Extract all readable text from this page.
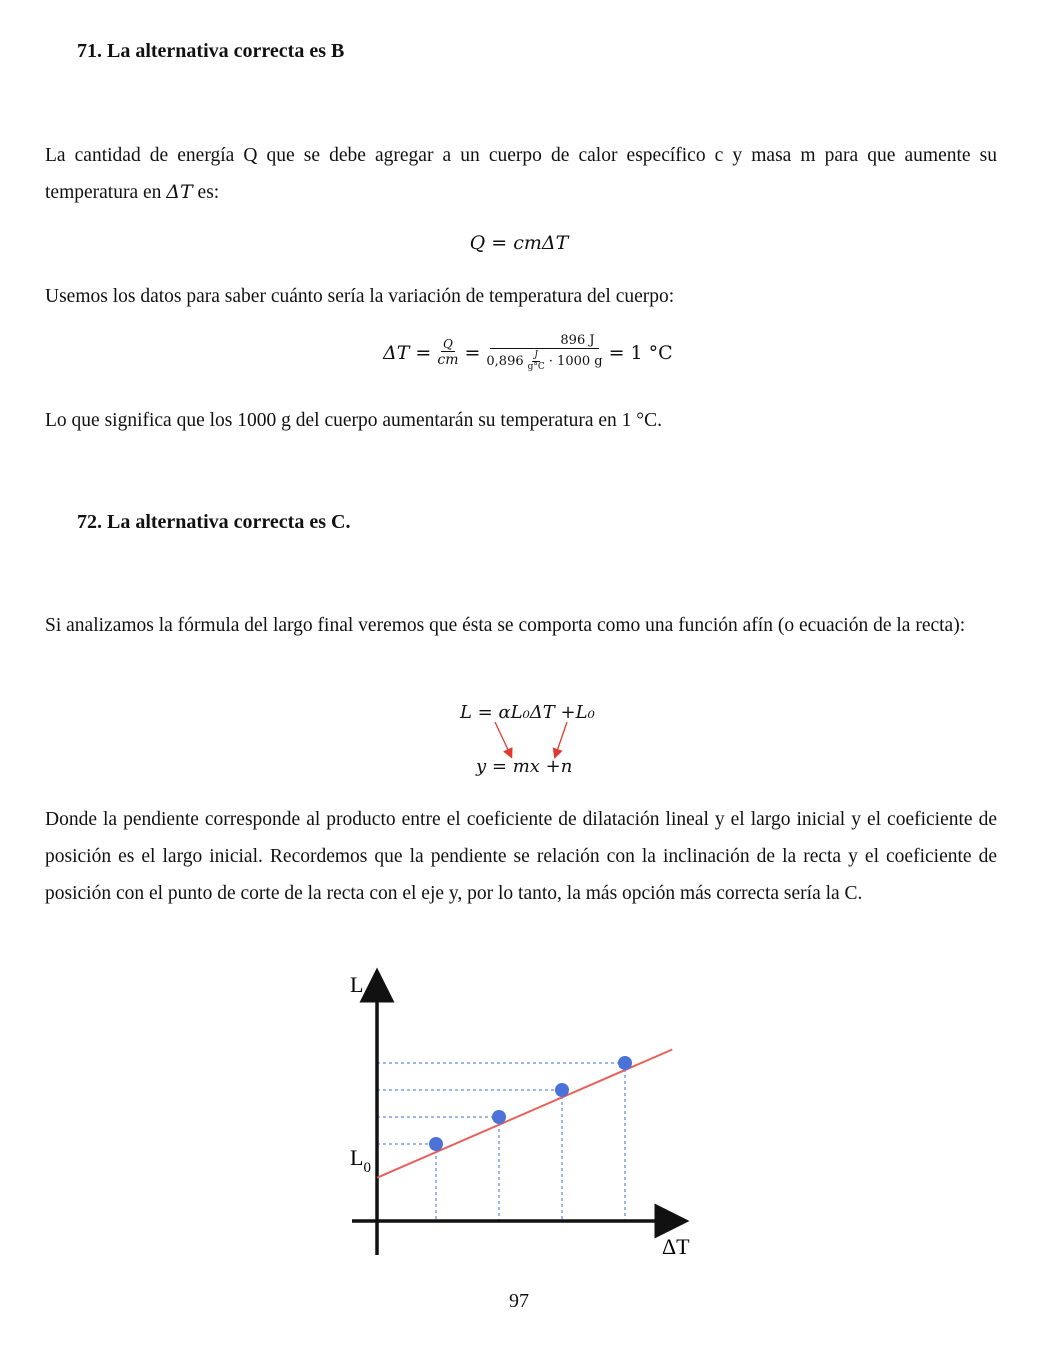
71. La alternativa correcta es B
La cantidad de energía Q que se debe agregar a un cuerpo de calor específico c y masa m para que aumente su temperatura en ΔT es:
Q = cmΔT
Usemos los datos para saber cuánto sería la variación de temperatura del cuerpo:
$\Delta T = \frac{Q}{cm} = \frac{896 J}{0,896 \frac{J}{g^\circ C} \cdot 1000 g} = 1$ °C
Lo que significa que los 1000 g del cuerpo aumentarán su temperatura en 1 °C.
72. La alternativa correcta es C.
Si analizamos la fórmula del largo final veremos que ésta se comporta como una función afín (o ecuación de la recta):
L = αL₀ΔT +L₀
y = mx +n
Donde la pendiente corresponde al producto entre el coeficiente de dilatación lineal y el largo inicial y el coeficiente de posición es el largo inicial. Recordemos que la pendiente se relación con la inclinación de la recta y el coeficiente de posición con el punto de corte de la recta con el eje y, por lo tanto, la más opción más correcta sería la C.
L
$L_0$
ΔT
97
